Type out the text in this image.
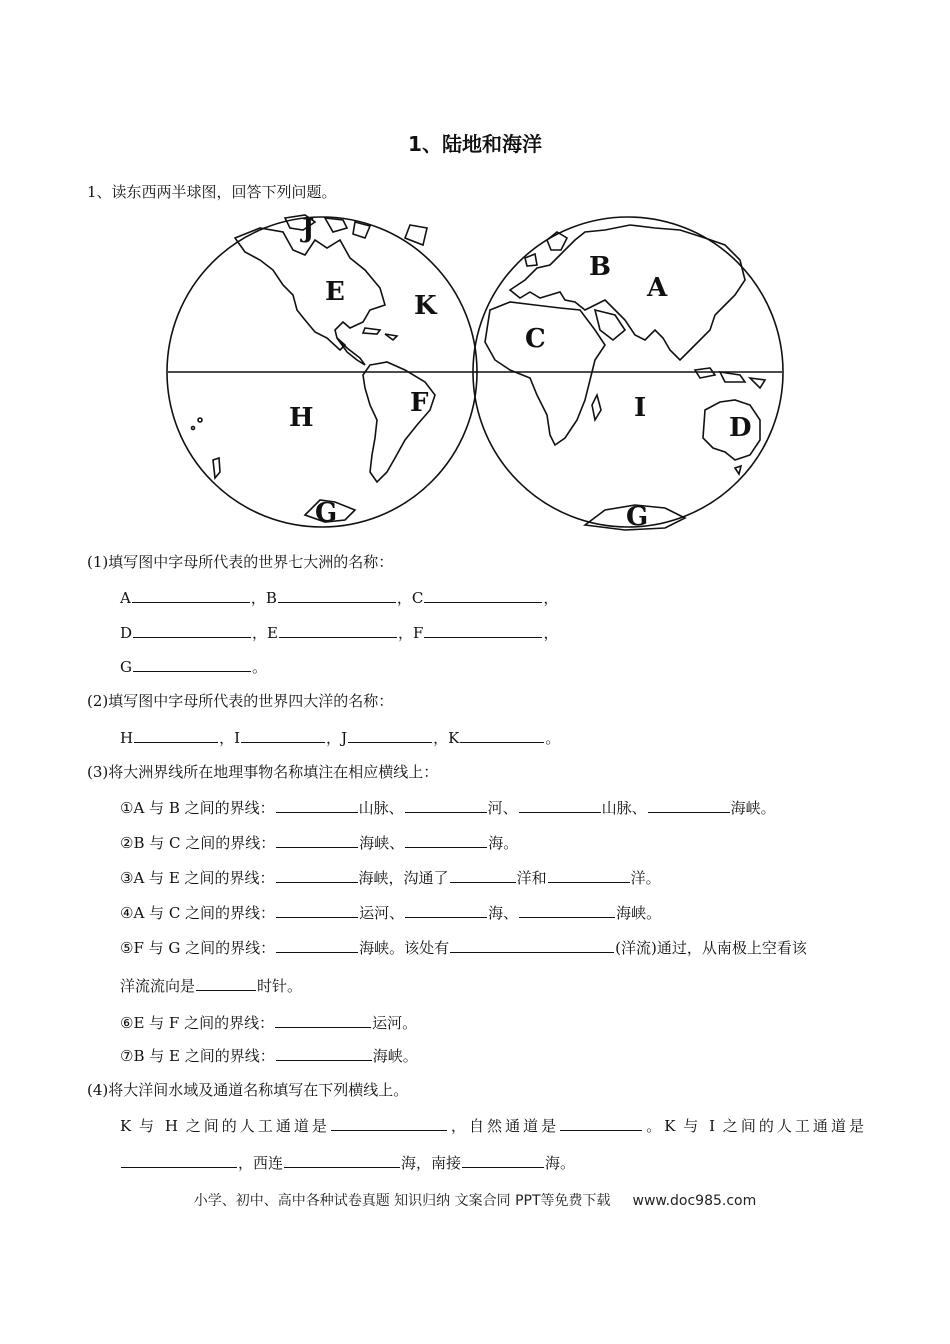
1、陆地和海洋
1、读东西两半球图，回答下列问题。
J
E	K
F
H
G
B
A
C
I
D
G
(1)填写图中字母所代表的世界七大洲的名称：
A	，B	，C	，
D	，E	，F	，
G	。
(2)填写图中字母所代表的世界四大洋的名称：
H	，I	，J	，K	。
(3)将大洲界线所在地理事物名称填注在相应横线上：
①A 与 B 之间的界线：	山脉、	河、	山脉、	海峡。
②B 与 C 之间的界线：	海峡、	海。
③A 与 E 之间的界线：	海峡，沟通了	洋和	洋。
④A 与 C 之间的界线：	运河、	海、	海峡。
⑤F 与 G 之间的界线：	海峡。该处有	(洋流)通过，从南极上空看该
洋流流向是	时针。
⑥E 与 F 之间的界线：	运河。
⑦B 与 E 之间的界线：	海峡。
(4)将大洋间水域及通道名称填写在下列横线上。
K 与 H 之间的人工通道是	，自然通道是	。K 与 I 之间的人工通道是
，西连	海，南接	海。
小学、初中、高中各种试卷真题 知识归纳 文案合同 PPT等免费下载 www.doc985.com
